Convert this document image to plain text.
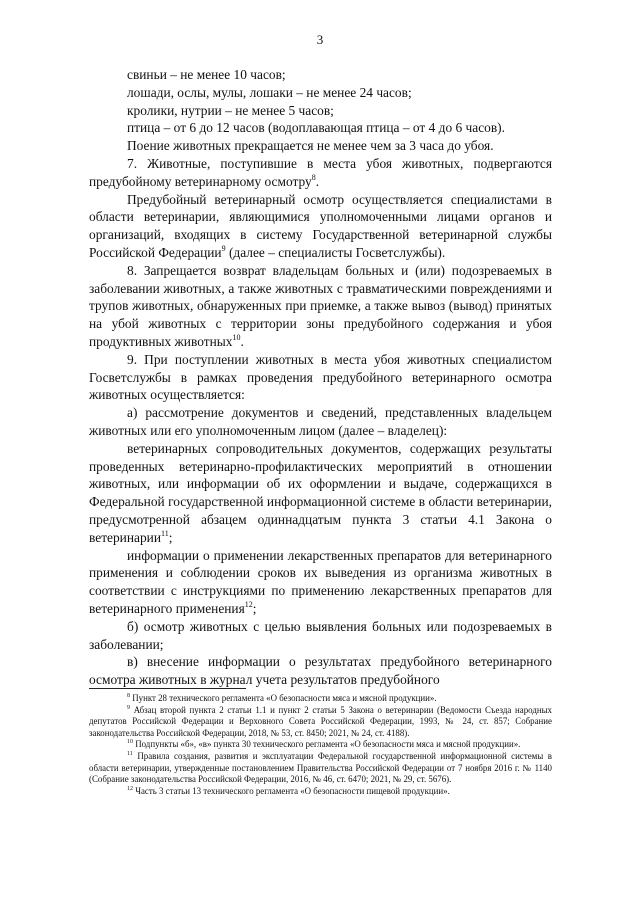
3

свиньи – не менее 10 часов;

лошади, ослы, мулы, лошаки – не менее 24 часов;

кролики, нутрии – не менее 5 часов;

птица – от 6 до 12 часов (водоплавающая птица – от 4 до 6 часов).

Поение животных прекращается не менее чем за 3 часа до убоя.

7. Животные, поступившие в места убоя животных, подвергаются предубойному ветеринарному осмотру$^8$.

Предубойный ветеринарный осмотр осуществляется специалистами в области ветеринарии, являющимися уполномоченными лицами органов и организаций, входящих в систему Государственной ветеринарной службы Российской Федерации$^9$ (далее – специалисты Госветслужбы).

8. Запрещается возврат владельцам больных и (или) подозреваемых в заболевании животных, а также животных с травматическими повреждениями и трупов животных, обнаруженных при приемке, а также вывоз (вывод) принятых на убой животных с территории зоны предубойного содержания и убоя продуктивных животных$^{10}$.

9. При поступлении животных в места убоя животных специалистом Госветслужбы в рамках проведения предубойного ветеринарного осмотра животных осуществляется:

а) рассмотрение документов и сведений, представленных владельцем животных или его уполномоченным лицом (далее – владелец):

ветеринарных сопроводительных документов, содержащих результаты проведенных ветеринарно-профилактических мероприятий в отношении животных, или информации об их оформлении и выдаче, содержащихся в Федеральной государственной информационной системе в области ветеринарии, предусмотренной абзацем одиннадцатым пункта 3 статьи 4.1 Закона о ветеринарии$^{11}$;

информации о применении лекарственных препаратов для ветеринарного применения и соблюдении сроков их выведения из организма животных в соответствии с инструкциями по применению лекарственных препаратов для ветеринарного применения$^{12}$;

б) осмотр животных с целью выявления больных или подозреваемых в заболевании;

в) внесение информации о результатах предубойного ветеринарного осмотра животных в журнал учета результатов предубойного

$^8$ Пункт 28 технического регламента «О безопасности мяса и мясной продукции».

$^9$ Абзац второй пункта 2 статьи 1.1 и пункт 2 статьи 5 Закона о ветеринарии (Ведомости Съезда народных депутатов Российской Федерации и Верховного Совета Российской Федерации, 1993, № 24, ст. 857; Собрание законодательства Российской Федерации, 2018, № 53, ст. 8450; 2021, № 24, ст. 4188).

$^{10}$ Подпункты «б», «в» пункта 30 технического регламента «О безопасности мяса и мясной продукции».

$^{11}$ Правила создания, развития и эксплуатации Федеральной государственной информационной системы в области ветеринарии, утвержденные постановлением Правительства Российской Федерации от 7 ноября 2016 г. № 1140 (Собрание законодательства Российской Федерации, 2016, № 46, ст. 6470; 2021, № 29, ст. 5676).

$^{12}$ Часть 3 статьи 13 технического регламента «О безопасности пищевой продукции».
